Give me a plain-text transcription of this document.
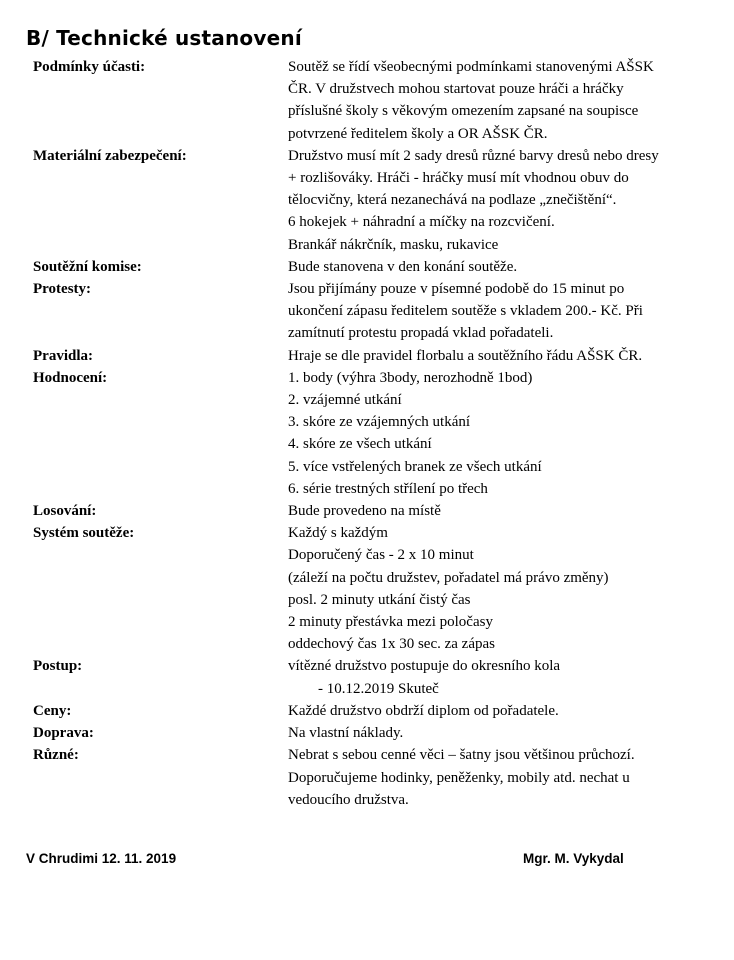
B/ Technické ustanovení
Podmínky účasti:	Soutěž se řídí všeobecnými podmínkami stanovenými AŠSK
ČR. V družstvech mohou startovat pouze hráči a hráčky
příslušné školy s věkovým omezením zapsané na soupisce
potvrzené ředitelem školy a OR AŠSK ČR.
Materiální zabezpečení:	Družstvo musí mít 2 sady dresů různé barvy dresů nebo dresy
+ rozlišováky. Hráči - hráčky musí mít vhodnou obuv do
tělocvičny, která nezanechává na podlaze „znečištění“.
6 hokejek + náhradní a míčky na rozcvičení.
Brankář nákrčník, masku, rukavice
Soutěžní komise:	Bude stanovena v den konání soutěže.
Protesty:	Jsou přijímány pouze v písemné podobě do 15 minut po
ukončení zápasu ředitelem soutěže s vkladem 200.- Kč. Při
zamítnutí protestu propadá vklad pořadateli.
Pravidla:	Hraje se dle pravidel florbalu a soutěžního řádu AŠSK ČR.
Hodnocení:	1. body (výhra 3body, nerozhodně 1bod)
2. vzájemné utkání
3. skóre ze vzájemných utkání
4. skóre ze všech utkání
5. více vstřelených branek ze všech utkání
6. série trestných střílení po třech
Losování:	Bude provedeno na místě
Systém soutěže:	Každý s každým
Doporučený čas - 2 x 10 minut
(záleží na počtu družstev, pořadatel má právo změny)
posl. 2 minuty utkání čistý čas
2 minuty přestávka mezi poločasy
oddechový čas 1x 30 sec. za zápas
Postup:	vítězné družstvo postupuje do okresního kola
- 10.12.2019 Skuteč
Ceny:	Každé družstvo obdrží diplom od pořadatele.
Doprava:	Na vlastní náklady.
Různé:	Nebrat s sebou cenné věci – šatny jsou většinou průchozí.
Doporučujeme hodinky, peněženky, mobily atd. nechat u
vedoucího družstva.
V Chrudimi 12. 11. 2019	Mgr. M. Vykydal
